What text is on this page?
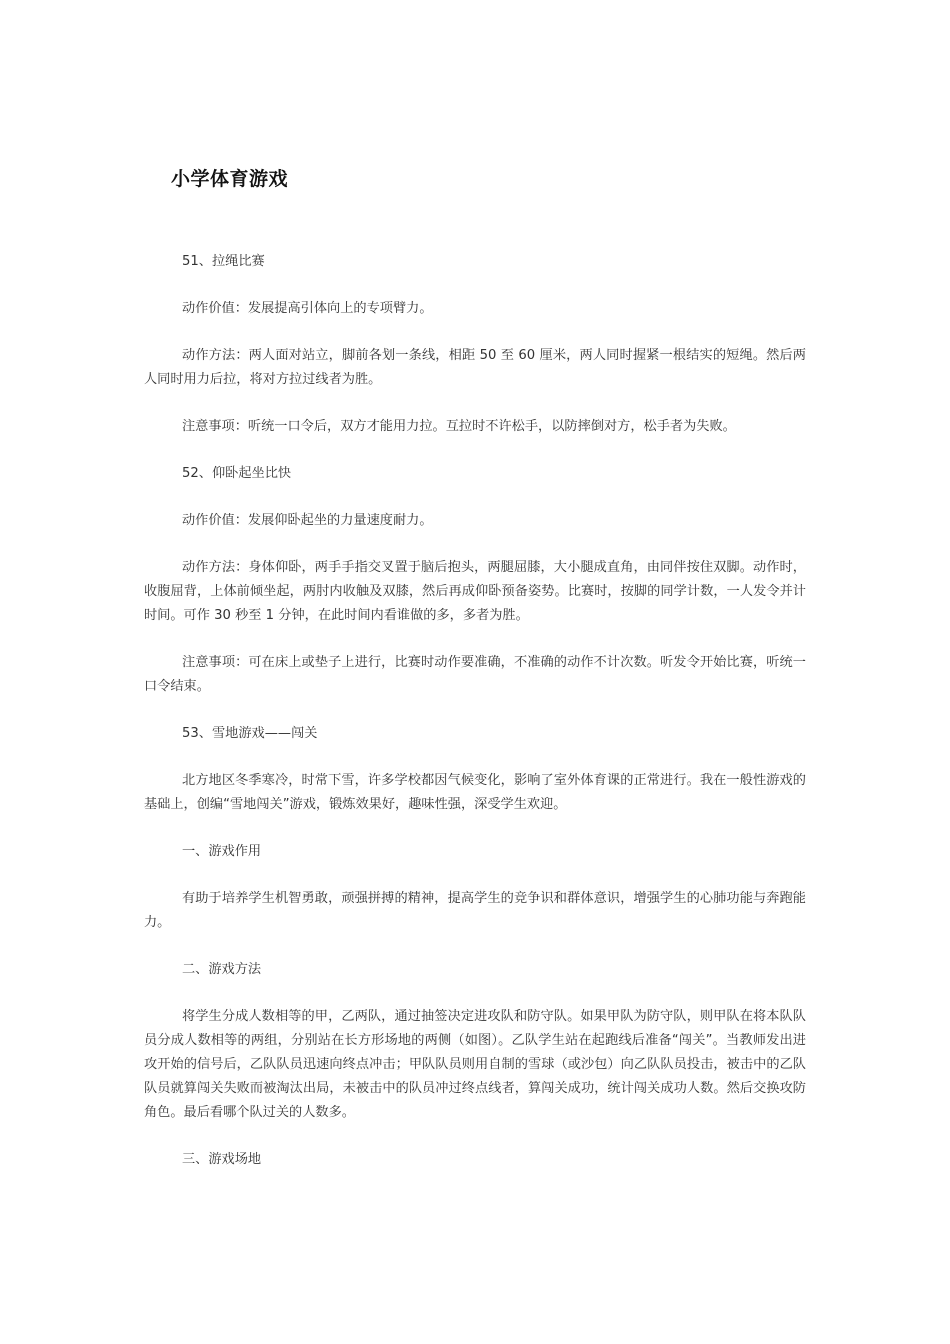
小学体育游戏

51、拉绳比赛

动作价值：发展提高引体向上的专项臂力。

动作方法：两人面对站立，脚前各划一条线，相距 50 至 60 厘米，两人同时握紧一根结实的短绳。然后两人同时用力后拉，将对方拉过线者为胜。

注意事项：听统一口令后，双方才能用力拉。互拉时不许松手，以防摔倒对方，松手者为失败。

52、仰卧起坐比快

动作价值：发展仰卧起坐的力量速度耐力。

动作方法：身体仰卧，两手手指交叉置于脑后抱头，两腿屈膝，大小腿成直角，由同伴按住双脚。动作时，收腹屈背，上体前倾坐起，两肘内收触及双膝，然后再成仰卧预备姿势。比赛时，按脚的同学计数，一人发令并计时间。可作 30 秒至 1 分钟，在此时间内看谁做的多，多者为胜。

注意事项：可在床上或垫子上进行，比赛时动作要准确，不准确的动作不计次数。听发令开始比赛，听统一口令结束。

53、雪地游戏——闯关

北方地区冬季寒冷，时常下雪，许多学校都因气候变化，影响了室外体育课的正常进行。我在一般性游戏的基础上，创编“雪地闯关”游戏，锻炼效果好，趣味性强，深受学生欢迎。

一、游戏作用

有助于培养学生机智勇敢，顽强拼搏的精神，提高学生的竞争识和群体意识，增强学生的心肺功能与奔跑能力。

二、游戏方法

将学生分成人数相等的甲，乙两队，通过抽签决定进攻队和防守队。如果甲队为防守队，则甲队在将本队队员分成人数相等的两组，分别站在长方形场地的两侧（如图）。乙队学生站在起跑线后准备“闯关”。当教师发出进攻开始的信号后，乙队队员迅速向终点冲击；甲队队员则用自制的雪球（或沙包）向乙队队员投击，被击中的乙队队员就算闯关失败而被淘汰出局，未被击中的队员冲过终点线者，算闯关成功，统计闯关成功人数。然后交换攻防角色。最后看哪个队过关的人数多。

三、游戏场地
